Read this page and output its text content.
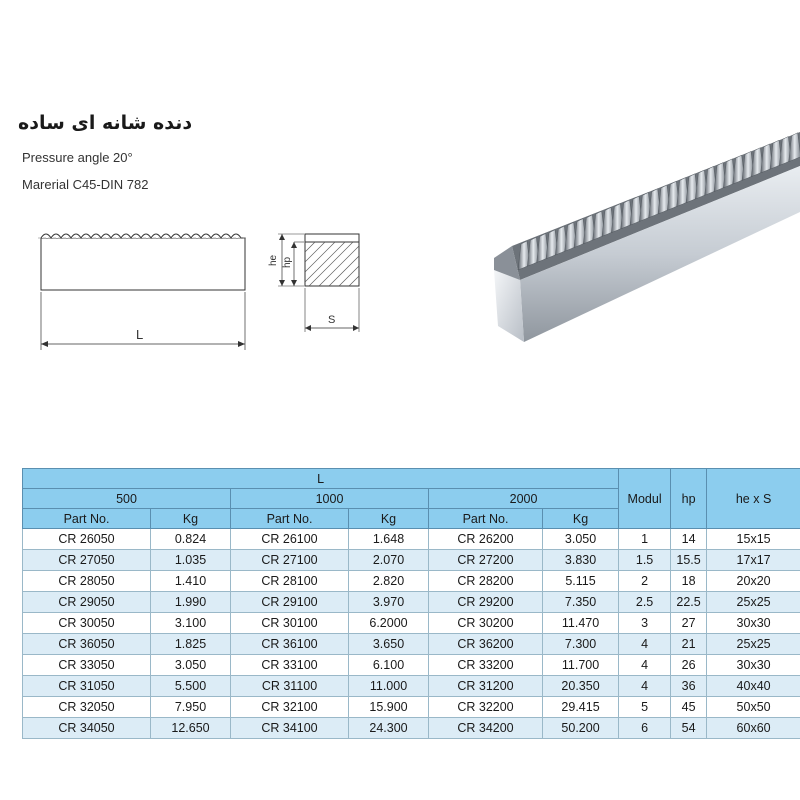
دنده شانه ای ساده
Pressure angle 20°
Marerial C45-DIN 782
L
he hp
S
L						Modul	hp	he x S
500		1000		2000				
Part No.	Kg	Part No.	Kg	Part No.	Kg			
CR 26050	0.824	CR 26100	1.648	CR 26200	3.050	1	14	15x15
CR 27050	1.035	CR 27100	2.070	CR 27200	3.830	1.5	15.5	17x17
CR 28050	1.410	CR 28100	2.820	CR 28200	5.115	2	18	20x20
CR 29050	1.990	CR 29100	3.970	CR 29200	7.350	2.5	22.5	25x25
CR 30050	3.100	CR 30100	6.2000	CR 30200	11.470	3	27	30x30
CR 36050	1.825	CR 36100	3.650	CR 36200	7.300	4	21	25x25
CR 33050	3.050	CR 33100	6.100	CR 33200	11.700	4	26	30x30
CR 31050	5.500	CR 31100	11.000	CR 31200	20.350	4	36	40x40
CR 32050	7.950	CR 32100	15.900	CR 32200	29.415	5	45	50x50
CR 34050	12.650	CR 34100	24.300	CR 34200	50.200	6	54	60x60
